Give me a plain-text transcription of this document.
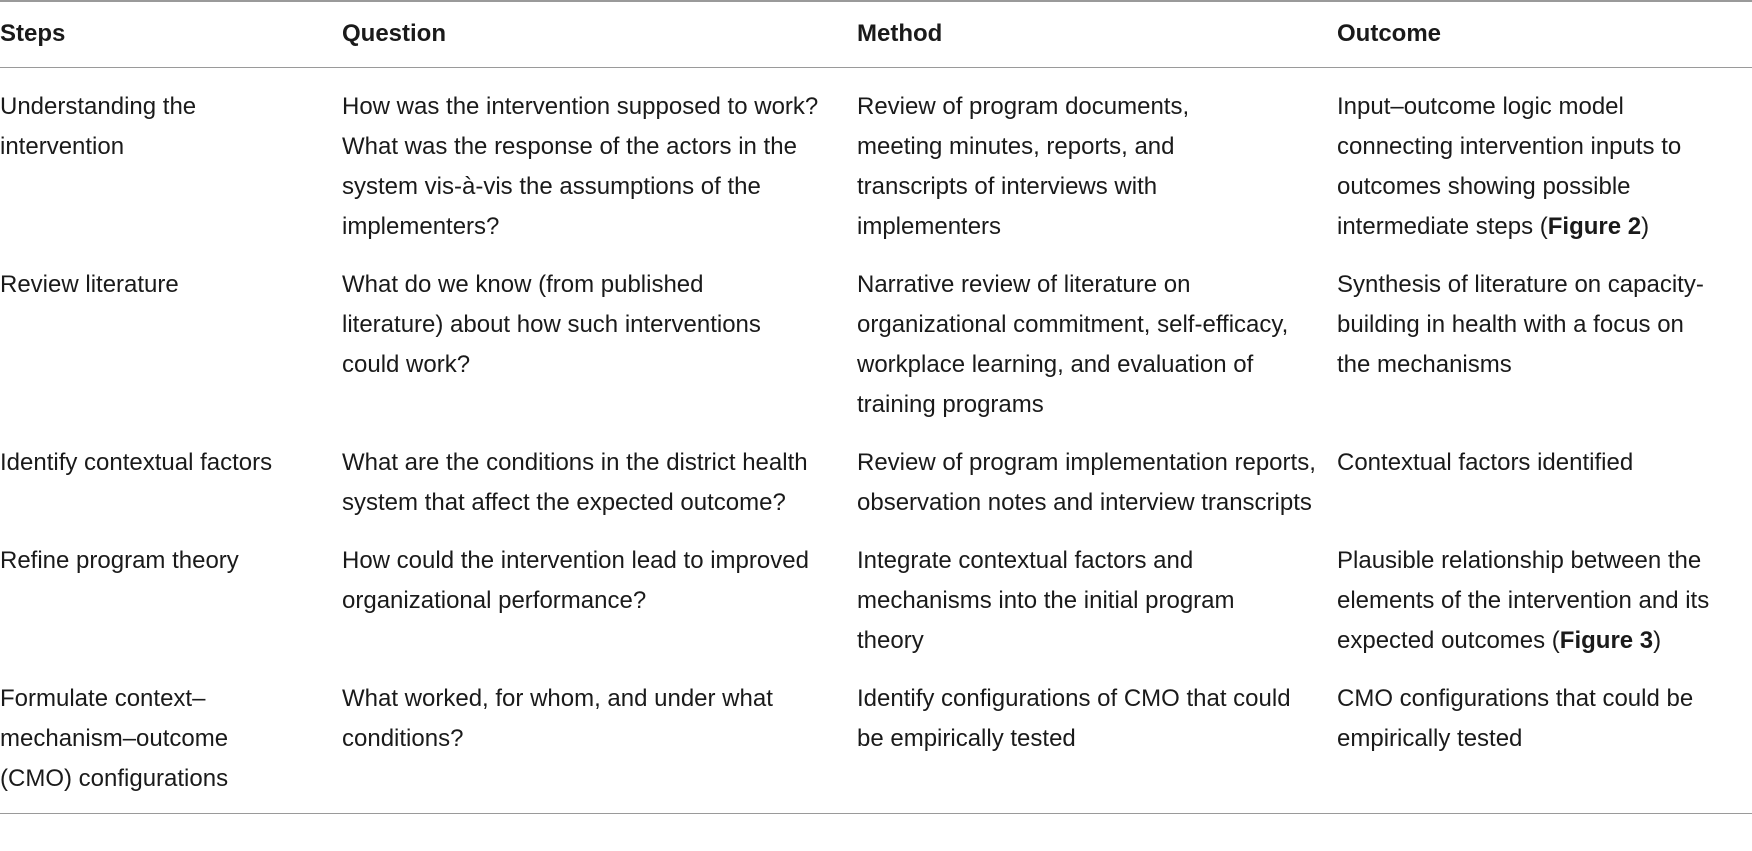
Steps	Question	Method	Outcome
Understanding the intervention	How was the intervention supposed to work? What was the response of the actors in the system vis-à-vis the assumptions of the implementers?	Review of program documents, meeting minutes, reports, and transcripts of interviews with implementers	Input–outcome logic model connecting intervention inputs to outcomes showing possible intermediate steps (Figure 2)
Review literature	What do we know (from published literature) about how such interventions could work?	Narrative review of literature on organizational commitment, self-efficacy, workplace learning, and evaluation of training programs	Synthesis of literature on capacity-building in health with a focus on the mechanisms
Identify contextual factors	What are the conditions in the district health system that affect the expected outcome?	Review of program implementation reports, observation notes and interview transcripts	Contextual factors identified
Refine program theory	How could the intervention lead to improved organizational performance?	Integrate contextual factors and mechanisms into the initial program theory	Plausible relationship between the elements of the intervention and its expected outcomes (Figure 3)
Formulate context–mechanism–outcome (CMO) configurations	What worked, for whom, and under what conditions?	Identify configurations of CMO that could be empirically tested	CMO configurations that could be empirically tested
